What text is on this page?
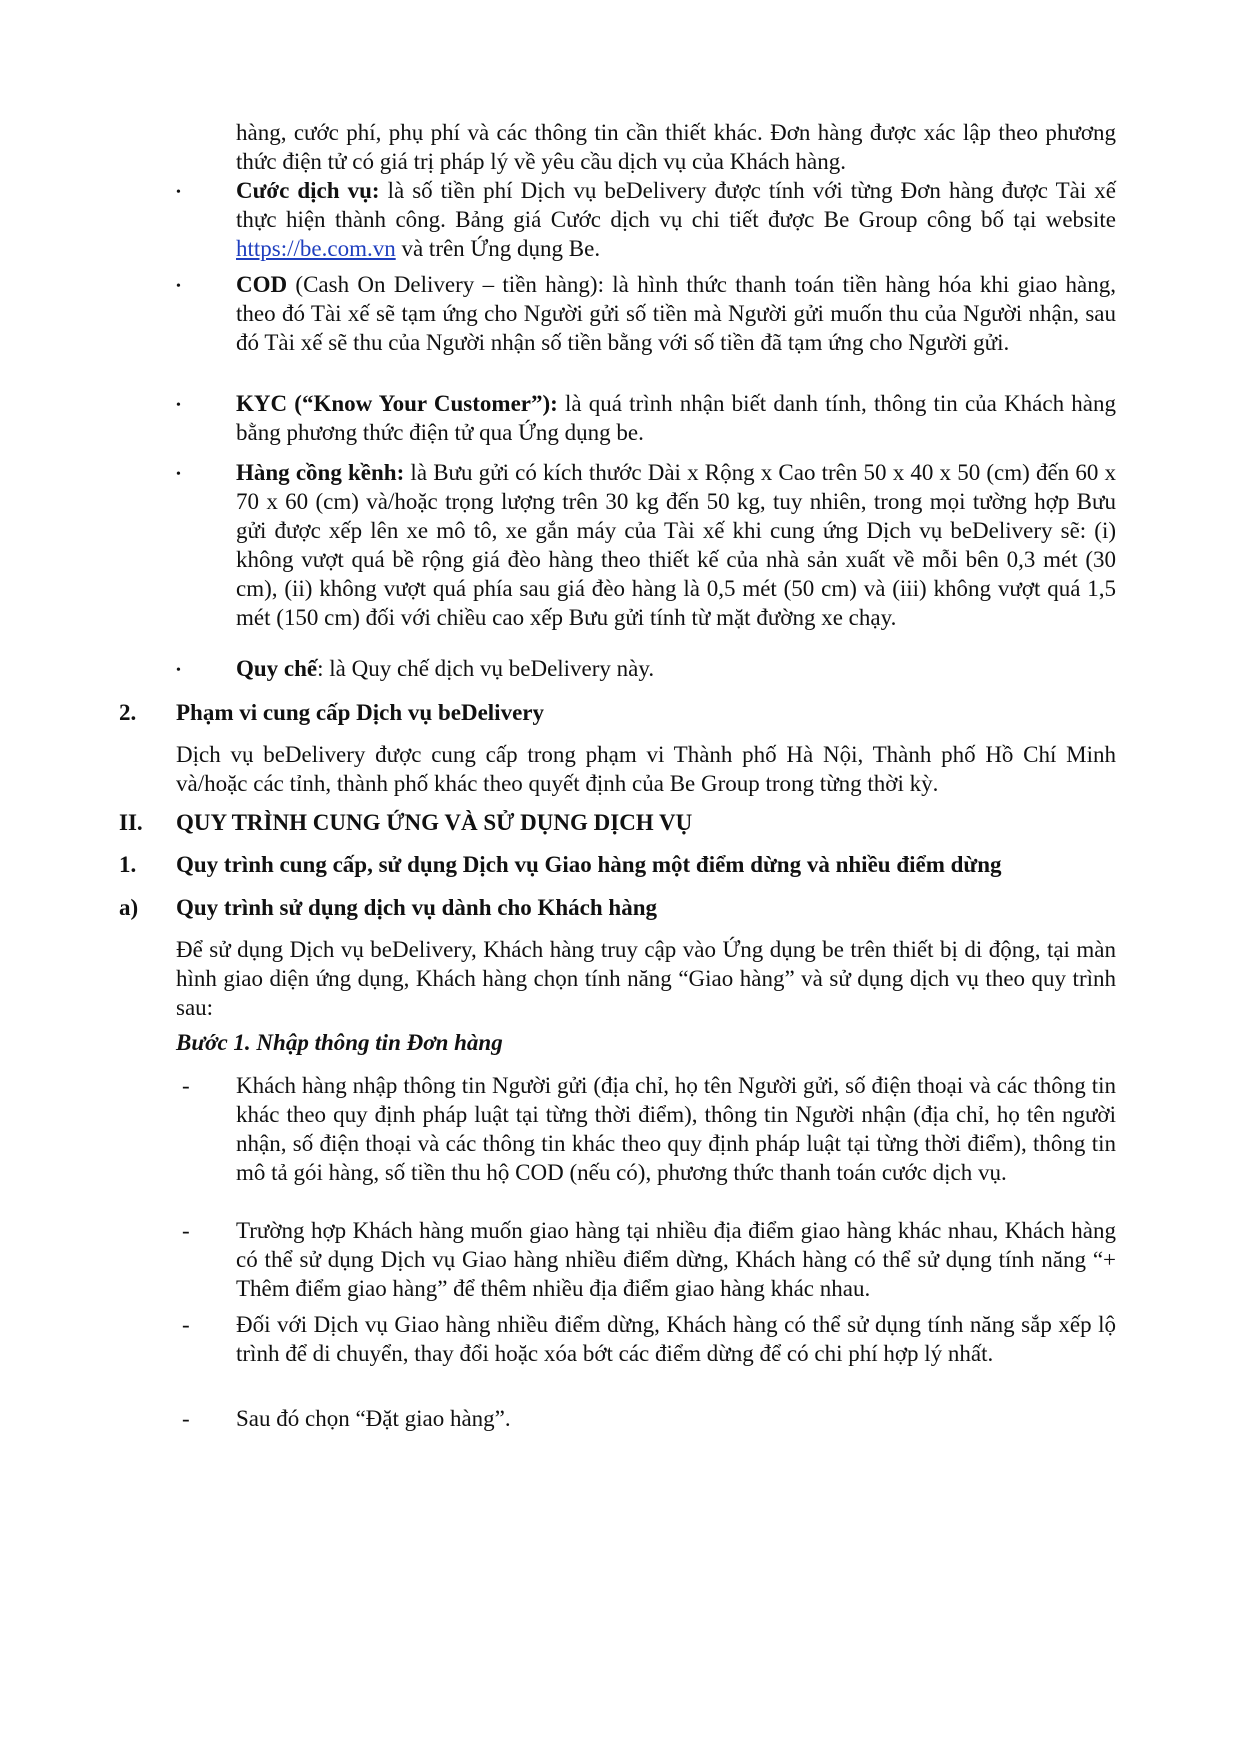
hàng, cước phí, phụ phí và các thông tin cần thiết khác. Đơn hàng được xác lập theo phương thức điện tử có giá trị pháp lý về yêu cầu dịch vụ của Khách hàng.
•	Cước dịch vụ: là số tiền phí Dịch vụ beDelivery được tính với từng Đơn hàng được Tài xế thực hiện thành công. Bảng giá Cước dịch vụ chi tiết được Be Group công bố tại website https://be.com.vn và trên Ứng dụng Be.
•	COD (Cash On Delivery – tiền hàng): là hình thức thanh toán tiền hàng hóa khi giao hàng, theo đó Tài xế sẽ tạm ứng cho Người gửi số tiền mà Người gửi muốn thu của Người nhận, sau đó Tài xế sẽ thu của Người nhận số tiền bằng với số tiền đã tạm ứng cho Người gửi.
•	KYC (“Know Your Customer”): là quá trình nhận biết danh tính, thông tin của Khách hàng bằng phương thức điện tử qua Ứng dụng be.
•	Hàng cồng kềnh: là Bưu gửi có kích thước Dài x Rộng x Cao trên 50 x 40 x 50 (cm) đến 60 x 70 x 60 (cm) và/hoặc trọng lượng trên 30 kg đến 50 kg, tuy nhiên, trong mọi tường hợp Bưu gửi được xếp lên xe mô tô, xe gắn máy của Tài xế khi cung ứng Dịch vụ beDelivery sẽ: (i) không vượt quá bề rộng giá đèo hàng theo thiết kế của nhà sản xuất về mỗi bên 0,3 mét (30 cm), (ii) không vượt quá phía sau giá đèo hàng là 0,5 mét (50 cm) và (iii) không vượt quá 1,5 mét (150 cm) đối với chiều cao xếp Bưu gửi tính từ mặt đường xe chạy.
•	Quy chế: là Quy chế dịch vụ beDelivery này.
2.	Phạm vi cung cấp Dịch vụ beDelivery
Dịch vụ beDelivery được cung cấp trong phạm vi Thành phố Hà Nội, Thành phố Hồ Chí Minh và/hoặc các tỉnh, thành phố khác theo quyết định của Be Group trong từng thời kỳ.
II.	QUY TRÌNH CUNG ỨNG VÀ SỬ DỤNG DỊCH VỤ
1.	Quy trình cung cấp, sử dụng Dịch vụ Giao hàng một điểm dừng và nhiều điểm dừng
a)	Quy trình sử dụng dịch vụ dành cho Khách hàng
Để sử dụng Dịch vụ beDelivery, Khách hàng truy cập vào Ứng dụng be trên thiết bị di động, tại màn hình giao diện ứng dụng, Khách hàng chọn tính năng “Giao hàng” và sử dụng dịch vụ theo quy trình sau:
Bước 1. Nhập thông tin Đơn hàng
-	Khách hàng nhập thông tin Người gửi (địa chỉ, họ tên Người gửi, số điện thoại và các thông tin khác theo quy định pháp luật tại từng thời điểm), thông tin Người nhận (địa chỉ, họ tên người nhận, số điện thoại và các thông tin khác theo quy định pháp luật tại từng thời điểm), thông tin mô tả gói hàng, số tiền thu hộ COD (nếu có), phương thức thanh toán cước dịch vụ.
-	Trường hợp Khách hàng muốn giao hàng tại nhiều địa điểm giao hàng khác nhau, Khách hàng có thể sử dụng Dịch vụ Giao hàng nhiều điểm dừng, Khách hàng có thể sử dụng tính năng “+ Thêm điểm giao hàng” để thêm nhiều địa điểm giao hàng khác nhau.
-	Đối với Dịch vụ Giao hàng nhiều điểm dừng, Khách hàng có thể sử dụng tính năng sắp xếp lộ trình để di chuyển, thay đổi hoặc xóa bớt các điểm dừng để có chi phí hợp lý nhất.
-	Sau đó chọn “Đặt giao hàng”.
